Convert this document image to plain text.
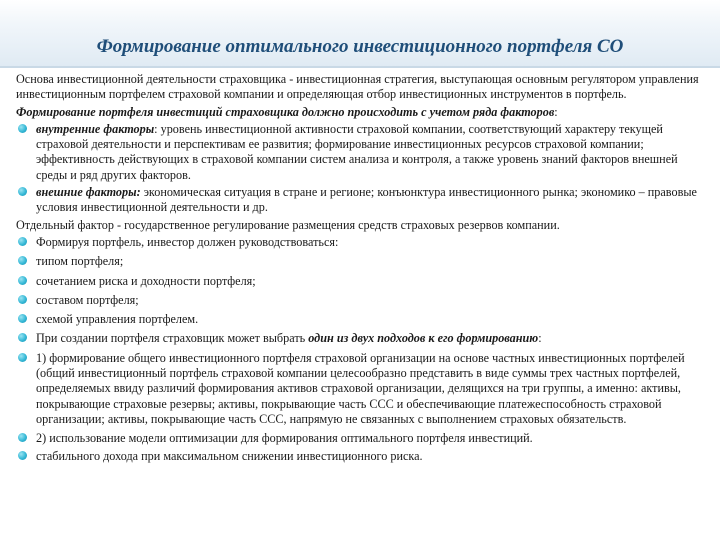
Формирование оптимального инвестиционного портфеля СО

Основа инвестиционной деятельности страховщика - инвестиционная стратегия, выступающая основным регулятором управления инвестиционным портфелем страховой компании и определяющая отбор инвестиционных инструментов в портфель.

Формирование портфеля инвестиций страховщика должно происходить с учетом ряда факторов:

внутренние факторы: уровень инвестиционной активности страховой компании, соответствующий характеру текущей страховой деятельности и перспективам ее развития; формирование инвестиционных ресурсов страховой компании; эффективность действующих в страховой компании систем анализа и контроля, а также уровень знаний факторов внешней среды и ряд других факторов.
внешние факторы: экономическая ситуация в стране и регионе; конъюнктура инвестиционного рынка; экономико – правовые условия инвестиционной деятельности и др.

Отдельный фактор - государственное регулирование размещения средств страховых резервов компании.

Формируя портфель, инвестор должен руководствоваться:
типом портфеля;
сочетанием риска и доходности портфеля;
составом портфеля;
схемой управления портфелем.
При создании портфеля страховщик может выбрать один из двух подходов к его формированию:
1) формирование общего инвестиционного портфеля страховой организации на основе частных инвестиционных портфелей (общий инвестиционный портфель страховой компании целесообразно представить в виде суммы трех частных портфелей, определяемых ввиду различий формирования активов страховой организации, делящихся на три группы, а именно: активы, покрывающие страховые резервы; активы, покрывающие часть ССС и обеспечивающие платежеспособность страховой организации; активы, покрывающие часть ССС, напрямую не связанных с выполнением страховых обязательств.
2) использование модели оптимизации для формирования оптимального портфеля инвестиций.
стабильного дохода при максимальном снижении инвестиционного риска.
